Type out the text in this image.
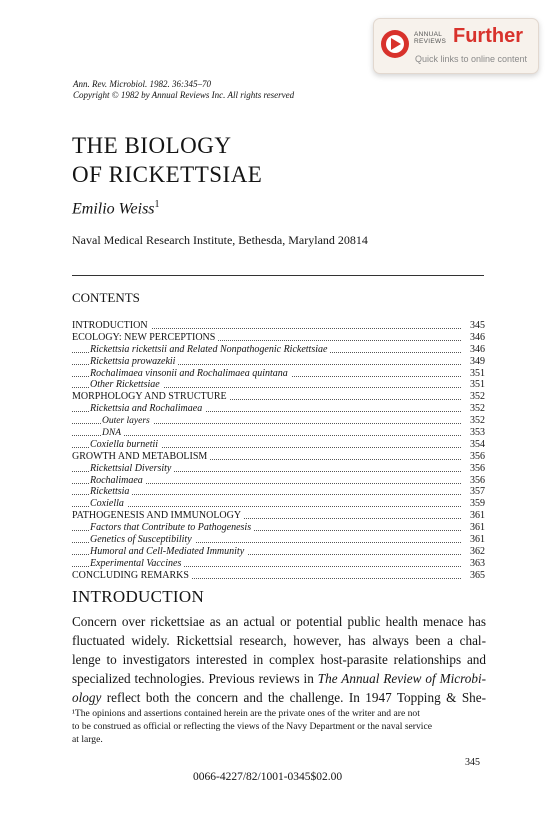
ANNUAL
REVIEWS Further
Quick links to online content
Ann. Rev. Microbiol. 1982. 36:345–70
Copyright © 1982 by Annual Reviews Inc. All rights reserved
THE BIOLOGY
OF RICKETTSIAE
Emilio Weiss$^1$
Naval Medical Research Institute, Bethesda, Maryland 20814
CONTENTS
INTRODUCTION	345
ECOLOGY: NEW PERCEPTIONS	346
Rickettsia rickettsii and Related Nonpathogenic Rickettsiae	346
Rickettsia prowazekii	349
Rochalimaea vinsonii and Rochalimaea quintana	351
Other Rickettsiae	351
MORPHOLOGY AND STRUCTURE	352
Rickettsia and Rochalimaea	352
Outer layers	352
DNA	353
Coxiella burnetii	354
GROWTH AND METABOLISM	356
Rickettsial Diversity	356
Rochalimaea	356
Rickettsia	357
Coxiella	359
PATHOGENESIS AND IMMUNOLOGY	361
Factors that Contribute to Pathogenesis	361
Genetics of Susceptibility	361
Humoral and Cell-Mediated Immunity	362
Experimental Vaccines	363
CONCLUDING REMARKS	365
INTRODUCTION
Concern over rickettsiae as an actual or potential public health menace has
fluctuated widely. Rickettsial research, however, has always been a chal-
lenge to investigators interested in complex host-parasite relationships and
specialized technologies. Previous reviews in The Annual Review of Microbi-
ology reflect both the concern and the challenge. In 1947 Topping & She-
¹The opinions and assertions contained herein are the private ones of the writer and are not
to be construed as official or reflecting the views of the Navy Department or the naval service
at large.
345
0066-4227/82/1001-0345$02.00
